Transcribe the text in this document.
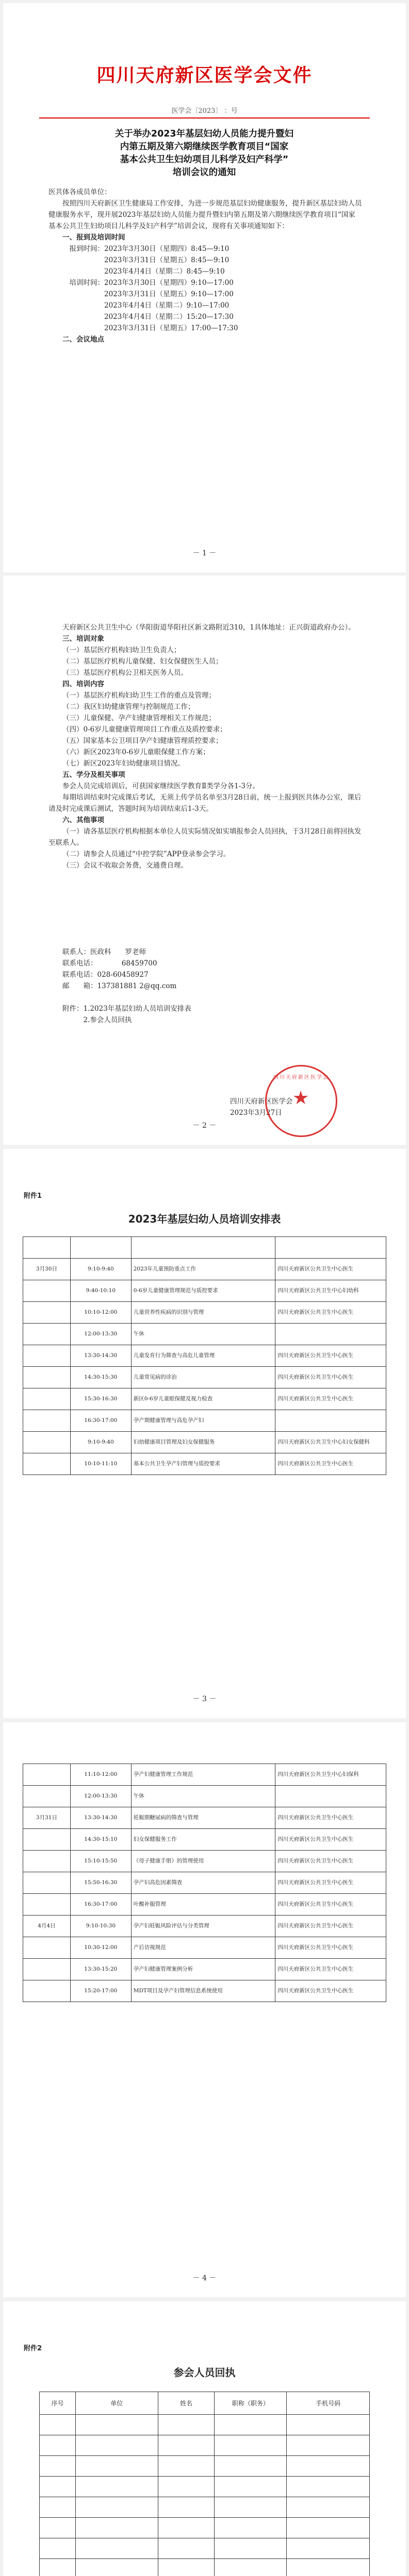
四川天府新区医学会文件
医学会〔2023〕 ：号
关于举办2023年基层妇幼人员能力提升暨妇
内第五期及第六期继续医学教育项目“国家
基本公共卫生妇幼项目儿科学及妇产科学”
培训会议的通知
医共体各成员单位：

按照四川天府新区卫生健康局工作安排，为进一步规范基层妇幼健康服务，提升新区基层妇幼人员健康服务水平，现开展2023年基层妇幼人员能力提升暨妇内第五期及第六期继续医学教育项目“国家基本公共卫生妇幼项目儿科学及妇产科学”培训会议，现将有关事项通知如下：

一、报到及培训时间
报到时间：2023年3月30日（星期四）8:45—9:10
　　　　　2023年3月31日（星期五）8:45—9:10
　　　　　2023年4月4日（星期二）8:45—9:10
培训时间：2023年3月30日（星期四）9:10—17:00
　　　　　2023年3月31日（星期五）9:10—17:00
　　　　　2023年4月4日（星期二）9:10—17:00
　　　　　2023年4月4日（星期二）15:20—17:30
　　　　　2023年3月31日（星期五）17:00—17:30
二、会议地点
－ 1 －

天府新区公共卫生中心（华阳街道华阳社区新文路附近310，1具体地址：正兴街道政府办公）。

三、培训对象
（一）基层医疗机构妇幼卫生负责人；
（二）基层医疗机构儿童保健、妇女保健医生人员；
（三）基层医疗机构公卫相关医务人员。
四、培训内容
（一）基层医疗机构妇幼卫生工作的重点及管理；
（二）我区妇幼健康管理与控制规范工作；
（三）儿童保健、孕产妇健康管理相关工作规范；
（四）0-6岁儿童健康管理项目工作重点及质控要求；
（五）国家基本公卫项目孕产妇健康管理质控要求；
（六）新区2023年0-6岁儿童眼保健工作方案；
（七）新区2023年妇幼健康项目情况。
五、学分及相关事项

参会人员完成培训后，可获国家继续医学教育Ⅱ类学分各1-3分。

每期培训结束时完成课后考试，无须上传学员名单至3月28日前，统一上报到医共体办公室，课后请及时完成课后测试，答题时间为培训结束后1-3天。

六、其他事项

（一）请各基层医疗机构根据本单位人员实际情况如实填报参会人员回执，于3月28日前将回执发至联系人。

（二）请参会人员通过“中控学院”APP登录参会学习。

（三）会议不收取会务费，交通费自理。

联系人：医政科　　罗老师
联系电话：　　　　68459700
联系电话：028-60458927
邮　　箱：137381881 2@qq.com
附件：1.2023年基层妇幼人员培训安排表
　　　2.参会人员回执
四川天府新区医学会
2023年3月27日
四川天府新区医学会
★
－ 2 －
附件1
2023年基层妇幼人员培训安排表

3月30日	9:10-9:40	2023年儿童预防重点工作	四川天府新区公共卫生中心医生
	9:40-10:10	0-6岁儿童健康管理规范与质控要求	四川天府新区公共卫生中心妇幼科
	10:10-12:00	儿童营养性疾病的识别与管理	四川天府新区公共卫生中心医生
	12:00-13:30	午休	
	13:30-14:30	儿童发育行为筛查与高危儿童管理	四川天府新区公共卫生中心医生
	14:30-15:30	儿童常见病的诊治	四川天府新区公共卫生中心医生
	15:30-16:30	新区0-6岁儿童眼保健及视力检查	四川天府新区公共卫生中心医生
	16:30-17:00	孕产期健康管理与高危孕产妇	
	9:10-9:40	妇幼健康项目管理及妇女保健服务	四川天府新区公共卫生中心妇女保健科
	10:10-11:10	基本公共卫生孕产妇管理与质控要求	四川天府新区公共卫生中心医生
－ 3 －
	11:10-12:00	孕产妇健康管理工作规范	四川天府新区公共卫生中心妇保科
	12:00-13:30	午休	
3月31日	13:30-14:30	妊娠期糖尿病的筛查与管理	四川天府新区公共卫生中心医生
	14:30-15:10	妇女保健服务工作	四川天府新区公共卫生中心医生
	15:10-15:50	《母子健康手册》的管理使用	四川天府新区公共卫生中心医生
	15:50-16:30	孕产妇高危因素筛查	四川天府新区公共卫生中心医生
	16:30-17:00	叶酸补服管理	四川天府新区公共卫生中心医生
4月4日	9:10-10:30	孕产妇妊娠风险评估与分类管理	四川天府新区公共卫生中心医生
	10:30-12:00	产后访视规范	四川天府新区公共卫生中心医生
	13:30-15:20	孕产妇健康管理案例分析	四川天府新区公共卫生中心医生
	15:20-17:00	MDT项目及孕产妇管理信息系统使用	四川天府新区公共卫生中心医生
－ 4 －
附件2
参会人员回执
序号	单位	姓名	职称（职务）	手机号码
